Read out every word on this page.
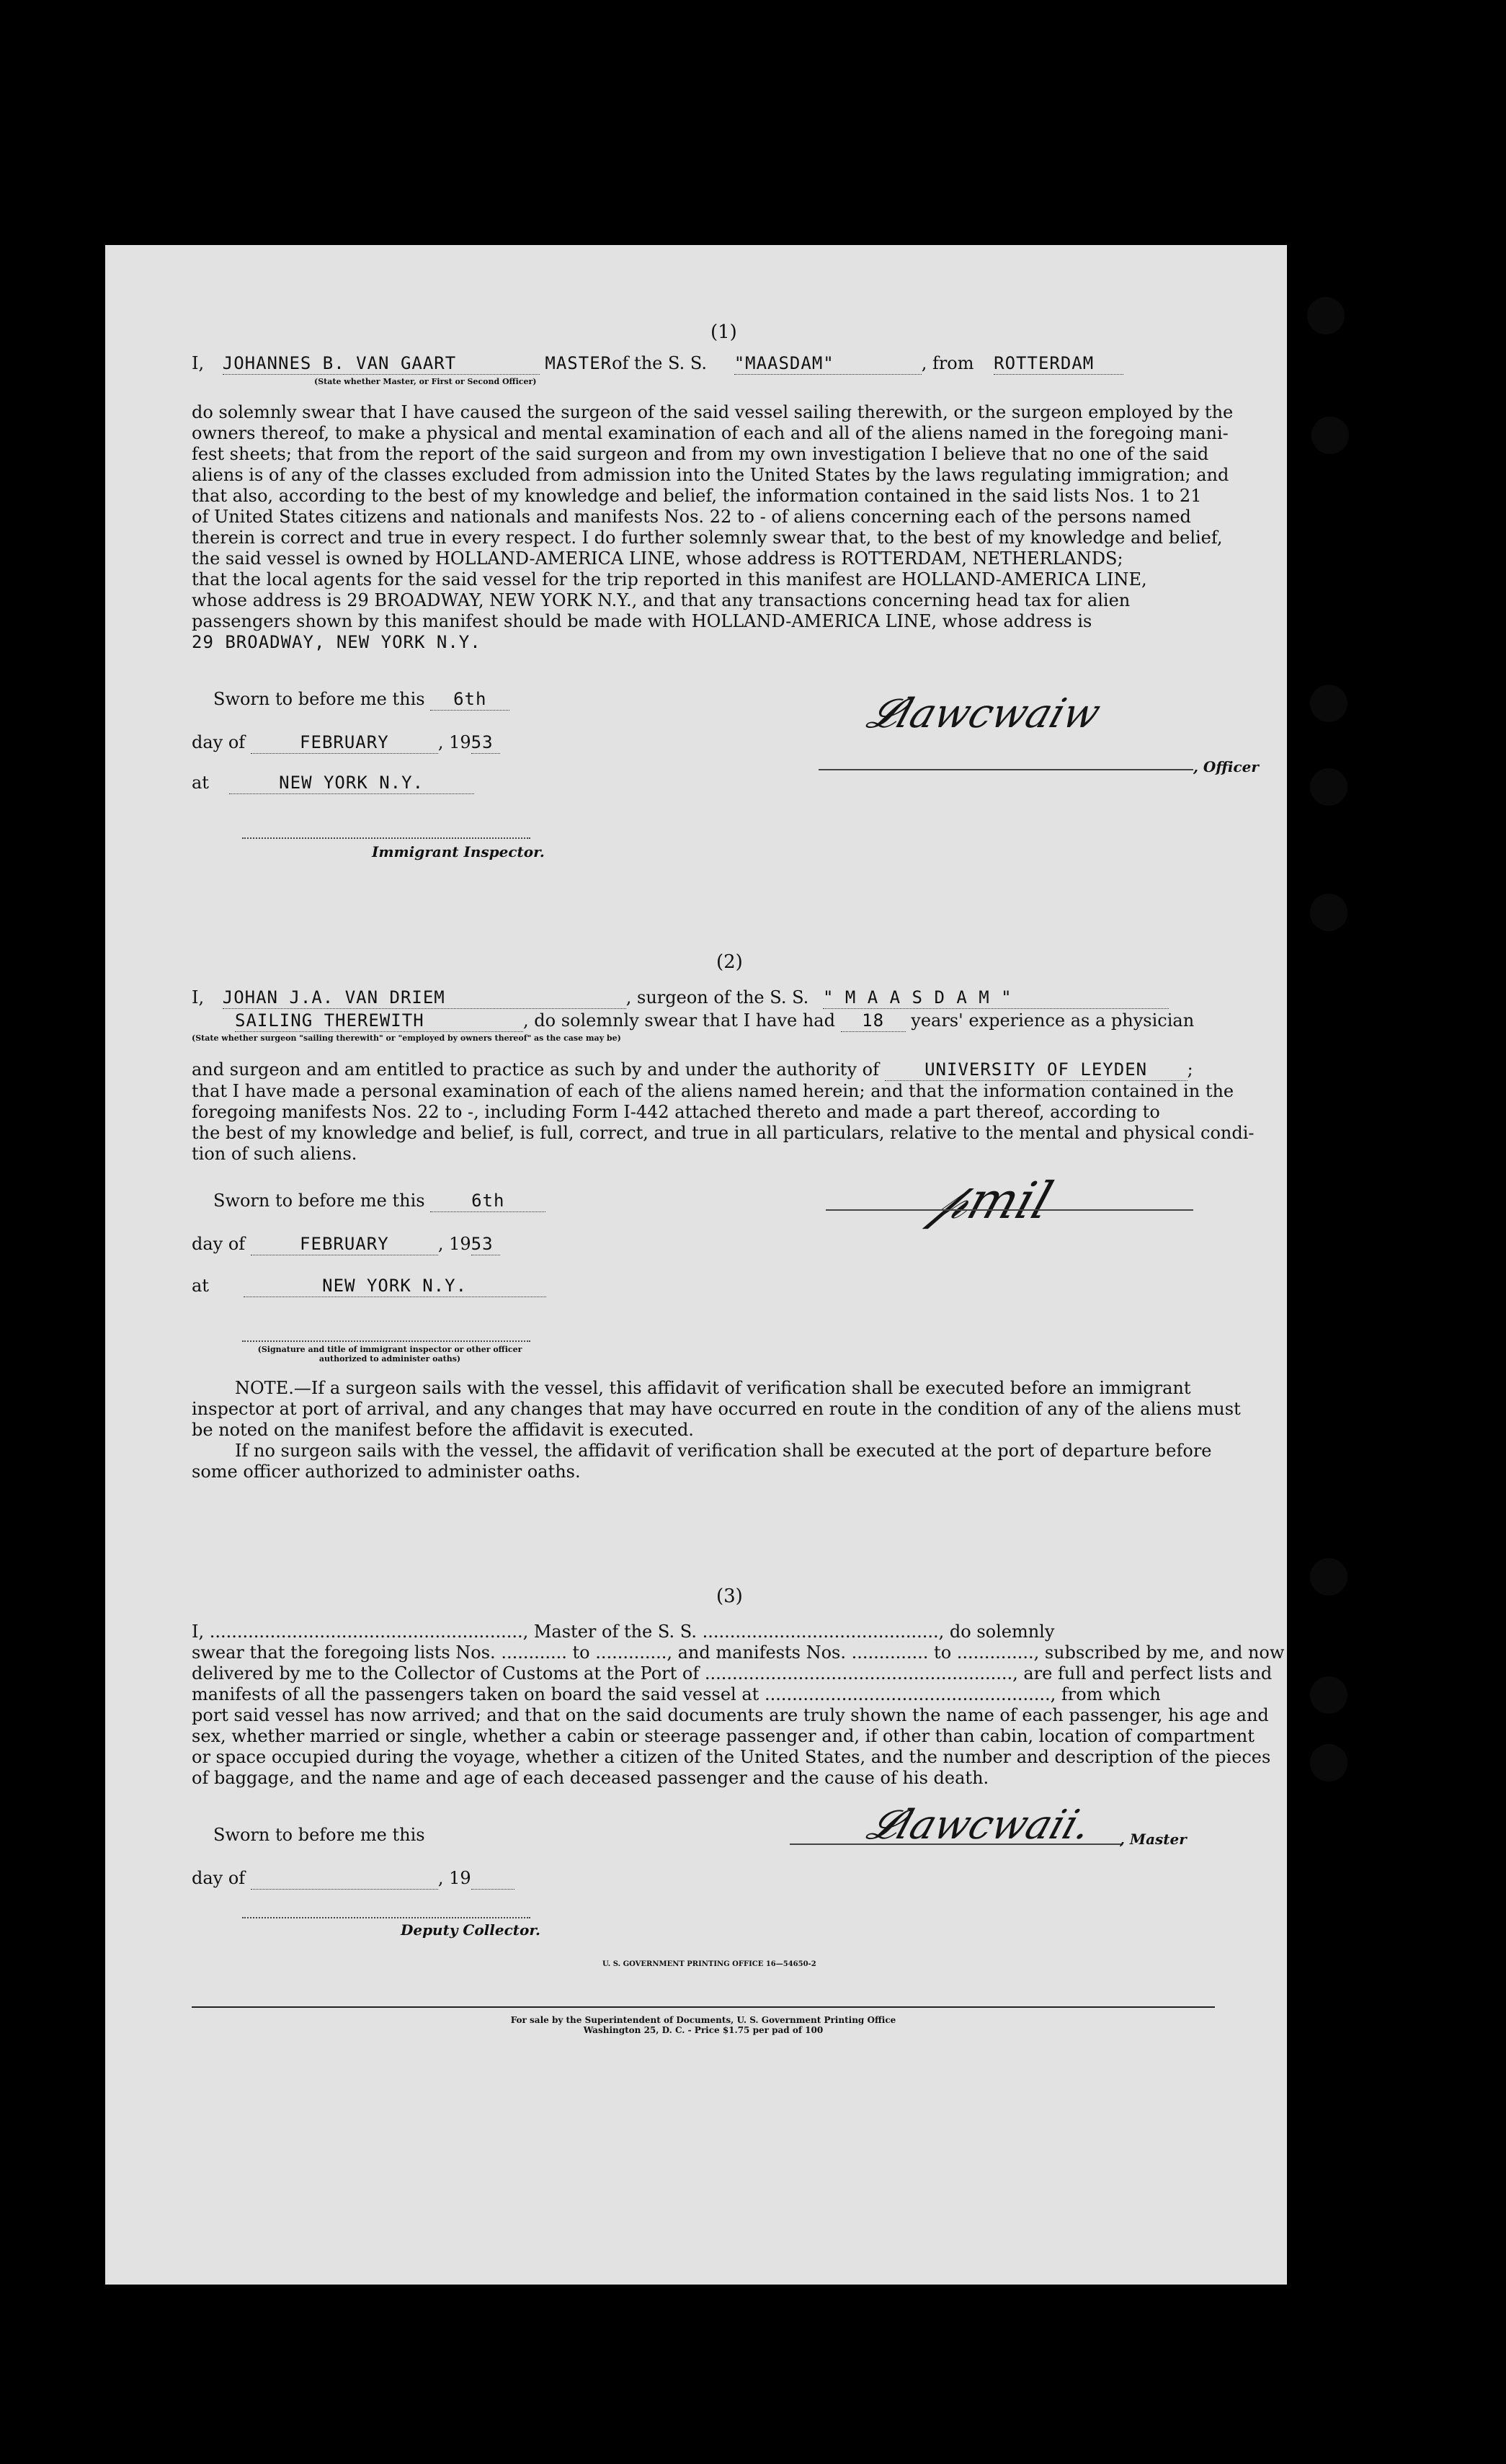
(1)
I, JOHANNES B. VAN GAART	MASTERof the S. S. "MAASDAM"	, from ROTTERDAM
(State whether Master, or First or Second Officer)
do solemnly swear that I have caused the surgeon of the said vessel sailing therewith, or the surgeon employed by the
owners thereof, to make a physical and mental examination of each and all of the aliens named in the foregoing mani-
fest sheets; that from the report of the said surgeon and from my own investigation I believe that no one of the said
aliens is of any of the classes excluded from admission into the United States by the laws regulating immigration; and
that also, according to the best of my knowledge and belief, the information contained in the said lists Nos. 1 to 21
of United States citizens and nationals and manifests Nos. 22 to - of aliens concerning each of the persons named
therein is correct and true in every respect. I do further solemnly swear that, to the best of my knowledge and belief,
the said vessel is owned by HOLLAND-AMERICA LINE, whose address is ROTTERDAM, NETHERLANDS;
that the local agents for the said vessel for the trip reported in this manifest are HOLLAND-AMERICA LINE,
whose address is 29 BROADWAY, NEW YORK N.Y., and that any transactions concerning head tax for alien
passengers shown by this manifest should be made with HOLLAND-AMERICA LINE, whose address is
29 BROADWAY, NEW YORK N.Y.
Sworn to before me this 6th
day of	FEBRUARY	, 1953
at	NEW YORK N.Y.
, Officer
𝓛lawcwaiw
Immigrant Inspector.
(2)
I, JOHAN J.A. VAN DRIEM	, surgeon of the S. S. " M A A S D A M "
SAILING THEREWITH	, do solemnly swear that I have had 18 years' experience as a physician
(State whether surgeon "sailing therewith" or "employed by owners thereof" as the case may be)
and surgeon and am entitled to practice as such by and under the authority of	UNIVERSITY OF LEYDEN ;
that I have made a personal examination of each of the aliens named herein; and that the information contained in the
foregoing manifests Nos. 22 to -, including Form I-442 attached thereto and made a part thereof, according to
the best of my knowledge and belief, is full, correct, and true in all particulars, relative to the mental and physical condi-
tion of such aliens.
Sworn to before me this	6th
day of	FEBRUARY	, 1953
at	NEW YORK N.Y.
𝓅mil
(Signature and title of immigrant inspector or other officer authorized to administer oaths)
NOTE.—If a surgeon sails with the vessel, this affidavit of verification shall be executed before an immigrant
inspector at port of arrival, and any changes that may have occurred en route in the condition of any of the aliens must
be noted on the manifest before the affidavit is executed.
If no surgeon sails with the vessel, the affidavit of verification shall be executed at the port of departure before
some officer authorized to administer oaths.
(3)
I, ........................................................., Master of the S. S. ..........................................., do solemnly
swear that the foregoing lists Nos. ............ to ............., and manifests Nos. .............. to .............., subscribed by me, and now
delivered by me to the Collector of Customs at the Port of ........................................................, are full and perfect lists and
manifests of all the passengers taken on board the said vessel at ...................................................., from which
port said vessel has now arrived; and that on the said documents are truly shown the name of each passenger, his age and
sex, whether married or single, whether a cabin or steerage passenger and, if other than cabin, location of compartment
or space occupied during the voyage, whether a citizen of the United States, and the number and description of the pieces
of baggage, and the name and age of each deceased passenger and the cause of his death.
Sworn to before me this	𝓛lawcwaii. , Master
day of	, 19
Deputy Collector.
U. S. GOVERNMENT PRINTING OFFICE 16—54650-2
For sale by the Superintendent of Documents, U. S. Government Printing Office
Washington 25, D. C. - Price $1.75 per pad of 100
